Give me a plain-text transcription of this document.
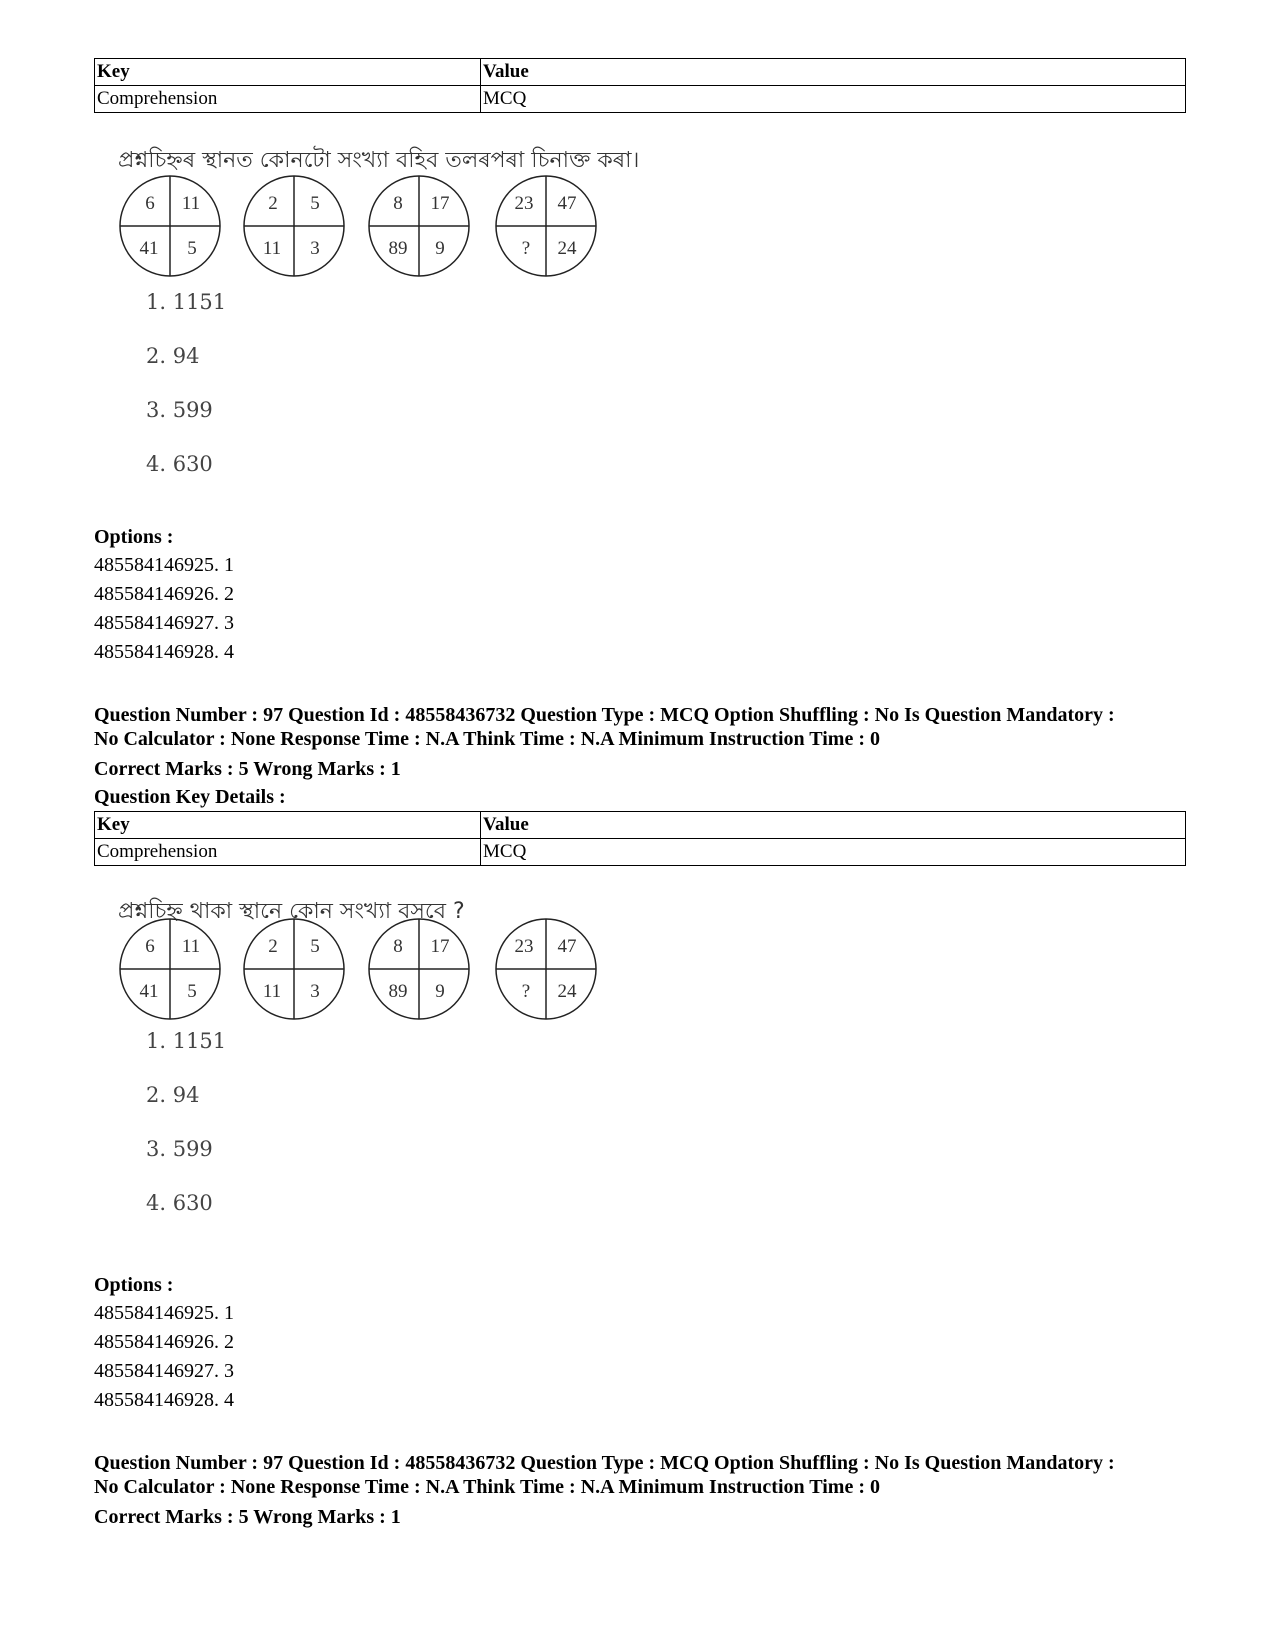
Key	Value
Comprehension	MCQ
প্ৰশ্নচিহ্নৰ স্থানত কোনটো সংখ্যা বহিব তলৰপৰা চিনাক্ত কৰা।
6 11
41 5
2 5
11 3
8 17
89 9
23 47
? 24
1. 1151
2. 94
3. 599
4. 630
Options :
485584146925. 1
485584146926. 2
485584146927. 3
485584146928. 4
Question Number : 97 Question Id : 48558436732 Question Type : MCQ Option Shuffling : No Is Question Mandatory :
No Calculator : None Response Time : N.A Think Time : N.A Minimum Instruction Time : 0
Correct Marks : 5 Wrong Marks : 1
Question Key Details :
Key	Value
Comprehension	MCQ
প্রশ্নচিহ্ন থাকা স্থানে কোন সংখ্যা বসবে ?
6 11
41 5
2 5
11 3
8 17
89 9
23 47
? 24
1. 1151
2. 94
3. 599
4. 630
Options :
485584146925. 1
485584146926. 2
485584146927. 3
485584146928. 4
Question Number : 97 Question Id : 48558436732 Question Type : MCQ Option Shuffling : No Is Question Mandatory :
No Calculator : None Response Time : N.A Think Time : N.A Minimum Instruction Time : 0
Correct Marks : 5 Wrong Marks : 1
